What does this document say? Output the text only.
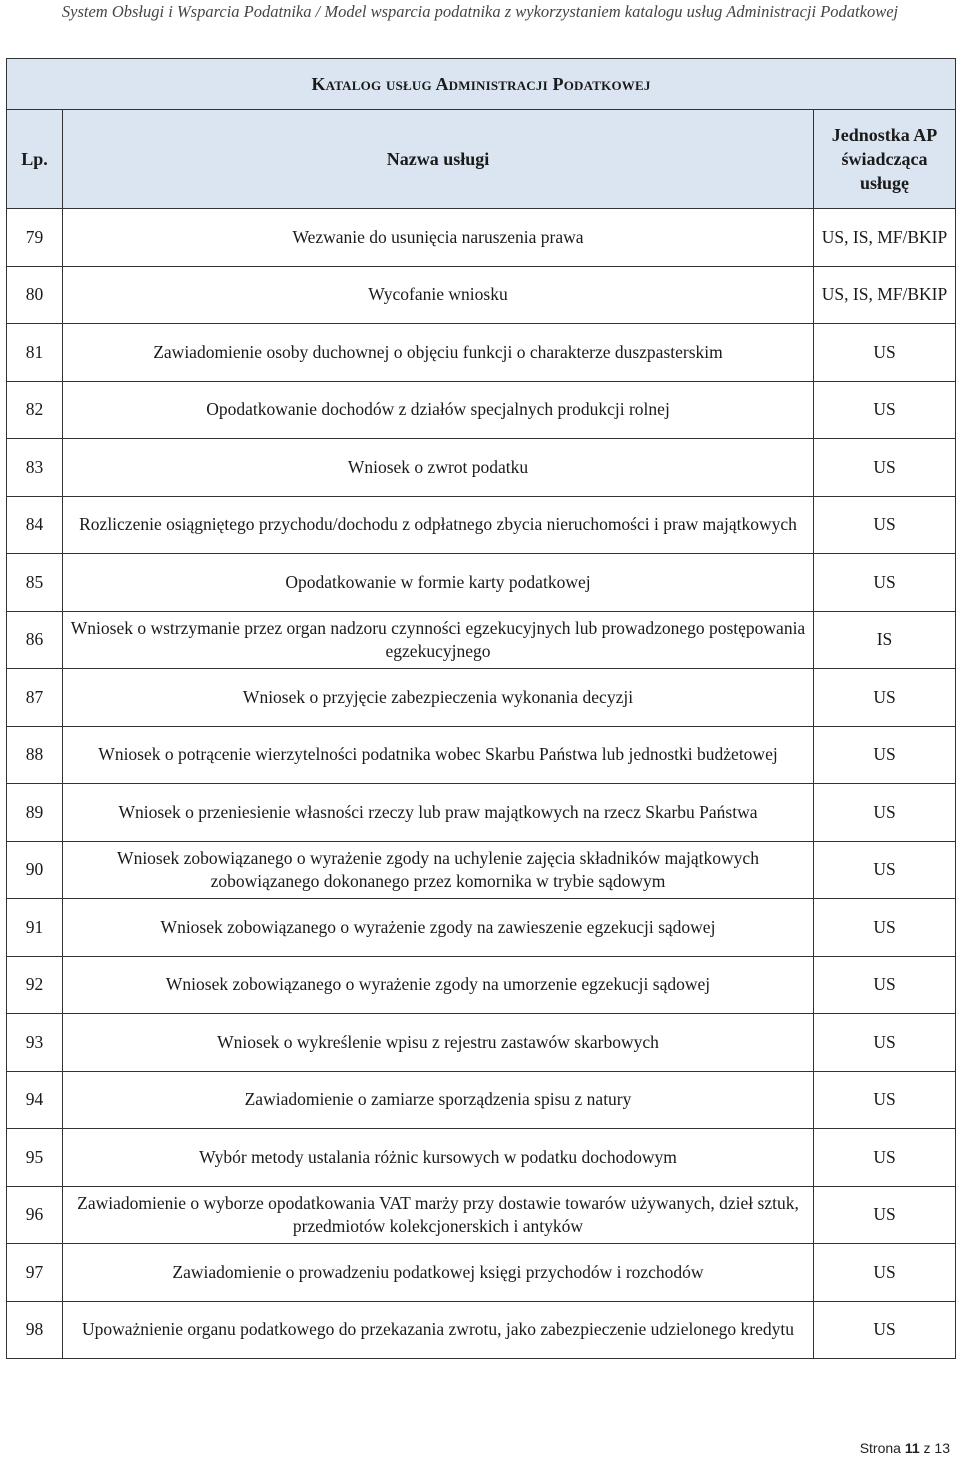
System Obsługi i Wsparcia Podatnika / Model wsparcia podatnika z wykorzystaniem katalogu usług Administracji Podatkowej
Katalog usług Administracji Podatkowej		
Lp.	Nazwa usługi	Jednostka AP świadcząca usługę
79	Wezwanie do usunięcia naruszenia prawa	US, IS, MF/BKIP
80	Wycofanie wniosku	US, IS, MF/BKIP
81	Zawiadomienie osoby duchownej o objęciu funkcji o charakterze duszpasterskim	US
82	Opodatkowanie dochodów z działów specjalnych produkcji rolnej	US
83	Wniosek o zwrot podatku	US
84	Rozliczenie osiągniętego przychodu/dochodu z odpłatnego zbycia nieruchomości i praw majątkowych	US
85	Opodatkowanie w formie karty podatkowej	US
86	Wniosek o wstrzymanie przez organ nadzoru czynności egzekucyjnych lub prowadzonego postępowania egzekucyjnego	IS
87	Wniosek o przyjęcie zabezpieczenia wykonania decyzji	US
88	Wniosek o potrącenie wierzytelności podatnika wobec Skarbu Państwa lub jednostki budżetowej	US
89	Wniosek o przeniesienie własności rzeczy lub praw majątkowych na rzecz Skarbu Państwa	US
90	Wniosek zobowiązanego o wyrażenie zgody na uchylenie zajęcia składników majątkowych zobowiązanego dokonanego przez komornika w trybie sądowym	US
91	Wniosek zobowiązanego o wyrażenie zgody na zawieszenie egzekucji sądowej	US
92	Wniosek zobowiązanego o wyrażenie zgody na umorzenie egzekucji sądowej	US
93	Wniosek o wykreślenie wpisu z rejestru zastawów skarbowych	US
94	Zawiadomienie o zamiarze sporządzenia spisu z natury	US
95	Wybór metody ustalania różnic kursowych w podatku dochodowym	US
96	Zawiadomienie o wyborze opodatkowania VAT marży przy dostawie towarów używanych, dzieł sztuk, przedmiotów kolekcjonerskich i antyków	US
97	Zawiadomienie o prowadzeniu podatkowej księgi przychodów i rozchodów	US
98	Upoważnienie organu podatkowego do przekazania zwrotu, jako zabezpieczenie udzielonego kredytu	US
Strona 11 z 13
